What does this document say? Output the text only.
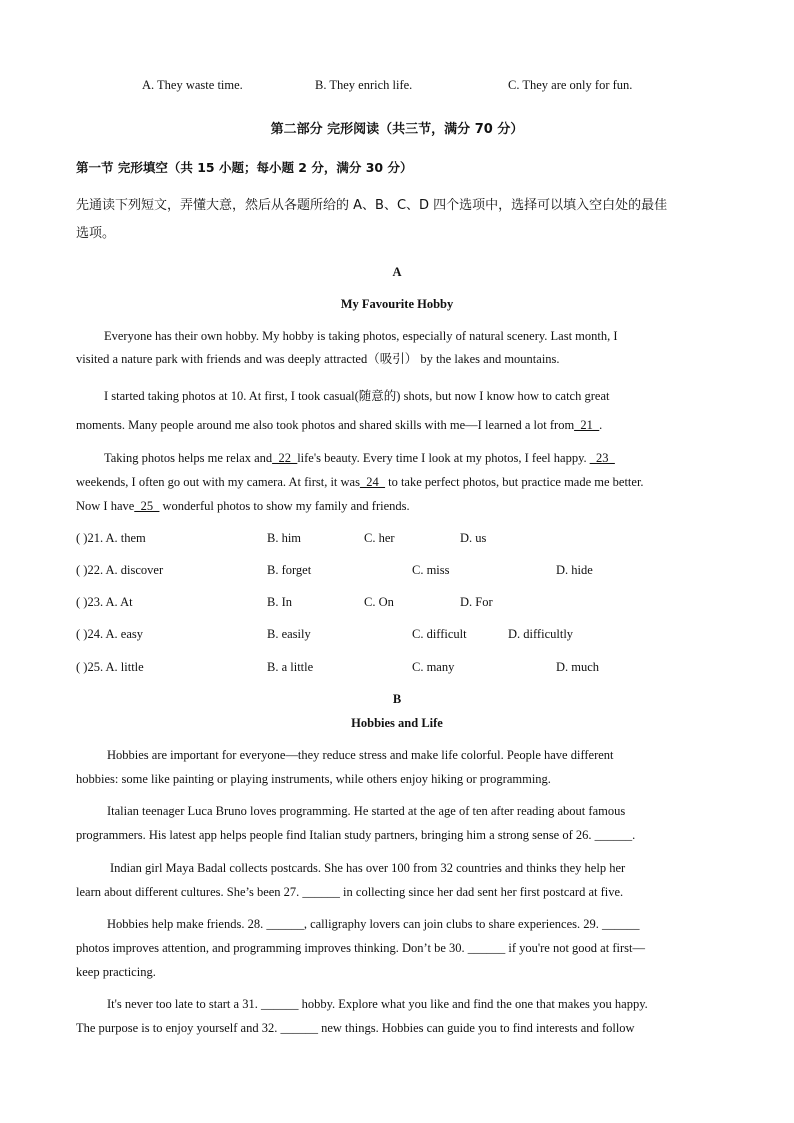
A. They waste time.	B. They enrich life.	C. They are only for fun.
第二部分 完形阅读（共三节，满分 70 分）
第一节 完形填空（共 15 小题；每小题 2 分，满分 30 分）
先通读下列短文，弄懂大意，然后从各题所给的 A、B、C、D 四个选项中，选择可以填入空白处的最佳
选项。
A
My Favourite Hobby
Everyone has their own hobby. My hobby is taking photos, especially of natural scenery. Last month, I
visited a nature park with friends and was deeply attracted（吸引） by the lakes and mountains.
I started taking photos at 10. At first, I took casual(随意的) shots, but now I know how to catch great
moments. Many people around me also took photos and shared skills with me—I learned a lot from_21_.
Taking photos helps me relax and_22_life's beauty. Every time I look at my photos, I feel happy. _23_
weekends, I often go out with my camera. At first, it was_24_ to take perfect photos, but practice made me better.
Now I have_25_ wonderful photos to show my family and friends.
( )21. A. them	B. him	C. her	D. us
( )22. A. discover	B. forget	C. miss	D. hide
( )23. A. At	B. In	C. On	D. For
( )24. A. easy	B. easily	C. difficult	D. difficultly
( )25. A. little	B. a little	C. many	D. much
B
Hobbies and Life
Hobbies are important for everyone—they reduce stress and make life colorful. People have different
hobbies: some like painting or playing instruments, while others enjoy hiking or programming.
Italian teenager Luca Bruno loves programming. He started at the age of ten after reading about famous
programmers. His latest app helps people find Italian study partners, bringing him a strong sense of 26. ______.
Indian girl Maya Badal collects postcards. She has over 100 from 32 countries and thinks they help her
learn about different cultures. She’s been 27. ______ in collecting since her dad sent her first postcard at five.
Hobbies help make friends. 28. ______, calligraphy lovers can join clubs to share experiences. 29. ______
photos improves attention, and programming improves thinking. Don’t be 30. ______ if you're not good at first—
keep practicing.
It's never too late to start a 31. ______ hobby. Explore what you like and find the one that makes you happy.
The purpose is to enjoy yourself and 32. ______ new things. Hobbies can guide you to find interests and follow
